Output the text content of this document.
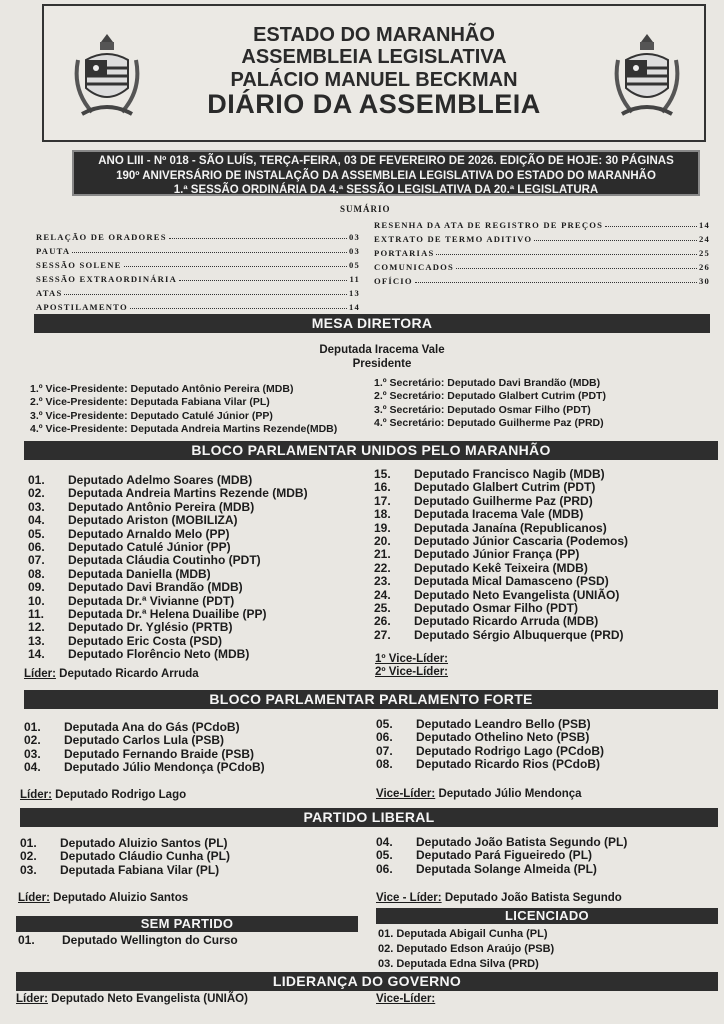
ESTADO DO MARANHÃO
ASSEMBLEIA LEGISLATIVA
PALÁCIO MANUEL BECKMAN
DIÁRIO DA ASSEMBLEIA
ANO LIII - Nº 018 - SÃO LUÍS, TERÇA-FEIRA, 03 DE FEVEREIRO DE 2026. EDIÇÃO DE HOJE: 30 PÁGINAS
190º ANIVERSÁRIO DE INSTALAÇÃO DA ASSEMBLEIA LEGISLATIVA DO ESTADO DO MARANHÃO
1.ª SESSÃO ORDINÁRIA DA 4.ª SESSÃO LEGISLATIVA DA 20.ª LEGISLATURA
SUMÁRIO
RELAÇÃO DE ORADORES	03
PAUTA	03
SESSÃO SOLENE	05
SESSÃO EXTRAORDINÁRIA	11
ATAS	13
APOSTILAMENTO	14
RESENHA DA ATA DE REGISTRO DE PREÇOS	14
EXTRATO DE TERMO ADITIVO	24
PORTARIAS	25
COMUNICADOS	26
OFÍCIO	30
MESA DIRETORA
Deputada Iracema Vale
Presidente
1.º Vice-Presidente: Deputado Antônio Pereira (MDB)
2.º Vice-Presidente: Deputada Fabiana Vilar (PL)
3.º Vice-Presidente: Deputado Catulé Júnior (PP)
4.º Vice-Presidente: Deputada Andreia Martins Rezende(MDB)
1.º Secretário: Deputado Davi Brandão (MDB)
2.º Secretário: Deputado Glalbert Cutrim (PDT)
3.º Secretário: Deputado Osmar Filho (PDT)
4.º Secretário: Deputado Guilherme Paz (PRD)
BLOCO PARLAMENTAR UNIDOS PELO MARANHÃO
01.	Deputado Adelmo Soares (MDB)
02.	Deputada Andreia Martins Rezende (MDB)
03.	Deputado Antônio Pereira (MDB)
04.	Deputado Ariston (MOBILIZA)
05.	Deputado Arnaldo Melo (PP)
06.	Deputado Catulé Júnior (PP)
07.	Deputada Cláudia Coutinho (PDT)
08.	Deputada Daniella (MDB)
09.	Deputado Davi Brandão (MDB)
10.	Deputada Dr.ª Vivianne (PDT)
11.	Deputada Dr.ª Helena Duailibe (PP)
12.	Deputado Dr. Yglésio (PRTB)
13.	Deputado Eric Costa (PSD)
14.	Deputado Florêncio Neto (MDB)
15.	Deputado Francisco Nagib (MDB)
16.	Deputado Glalbert Cutrim (PDT)
17.	Deputado Guilherme Paz (PRD)
18.	Deputada Iracema Vale (MDB)
19.	Deputada Janaína (Republicanos)
20.	Deputado Júnior Cascaria (Podemos)
21.	Deputado Júnior França (PP)
22.	Deputado Kekê Teixeira (MDB)
23.	Deputada Mical Damasceno (PSD)
24.	Deputado Neto Evangelista (UNIÃO)
25.	Deputado Osmar Filho (PDT)
26.	Deputado Ricardo Arruda (MDB)
27.	Deputado Sérgio Albuquerque (PRD)
1º Vice-Líder:
2º Vice-Líder:
Líder: Deputado Ricardo Arruda
BLOCO PARLAMENTAR PARLAMENTO FORTE
01.	Deputada Ana do Gás (PCdoB)
02.	Deputado Carlos Lula (PSB)
03.	Deputado Fernando Braide (PSB)
04.	Deputado Júlio Mendonça (PCdoB)
05.	Deputado Leandro Bello (PSB)
06.	Deputado Othelino Neto (PSB)
07.	Deputado Rodrigo Lago (PCdoB)
08.	Deputado Ricardo Rios (PCdoB)
Líder: Deputado Rodrigo Lago	Vice-Líder: Deputado Júlio Mendonça
PARTIDO LIBERAL
01.	Deputado Aluizio Santos (PL)
02.	Deputado Cláudio Cunha (PL)
03.	Deputada Fabiana Vilar (PL)
04.	Deputado João Batista Segundo (PL)
05.	Deputado Pará Figueiredo (PL)
06.	Deputada Solange Almeida (PL)
Líder: Deputado Aluizio Santos	Vice - Líder: Deputado João Batista Segundo
SEM PARTIDO
01.	Deputado Wellington do Curso
LICENCIADO
01. Deputada Abigail Cunha (PL)
02. Deputado Edson Araújo (PSB)
03. Deputada Edna Silva (PRD)
LIDERANÇA DO GOVERNO
Líder: Deputado Neto Evangelista (UNIÃO)	Vice-Líder:
